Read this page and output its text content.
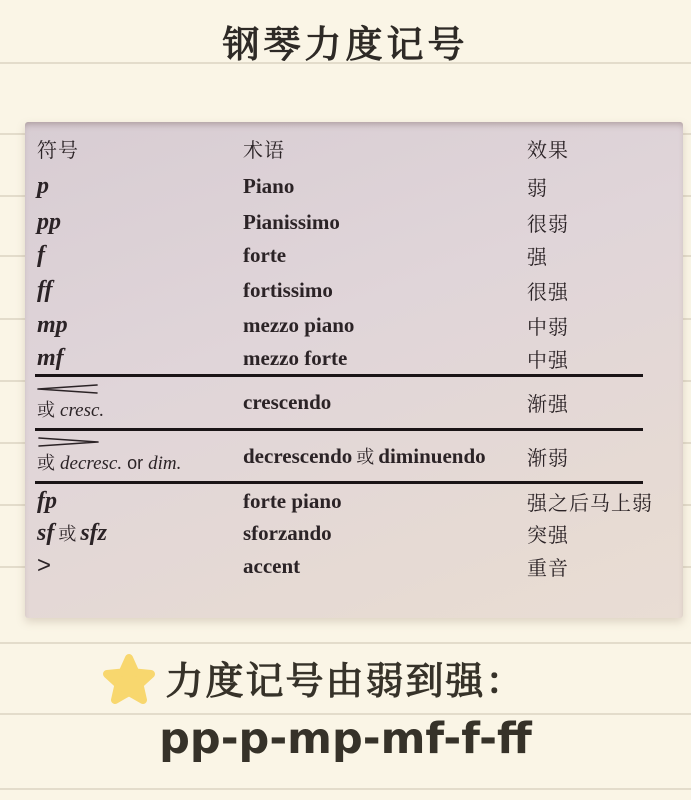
钢琴力度记号
符号	术语	效果
p	Piano	弱
pp	Pianissimo	很弱
f	forte	强
ff	fortissimo	很强
mp	mezzo piano	中弱
mf	mezzo forte	中强
或 cresc.	crescendo	渐强
或 decresc. or dim.	decrescendo 或 diminuendo	渐弱
fp	forte piano	强之后马上弱
sf 或 sfz	sforzando	突强
>	accent	重音
力度记号由弱到强：
pp-p-mp-mf-f-ff
